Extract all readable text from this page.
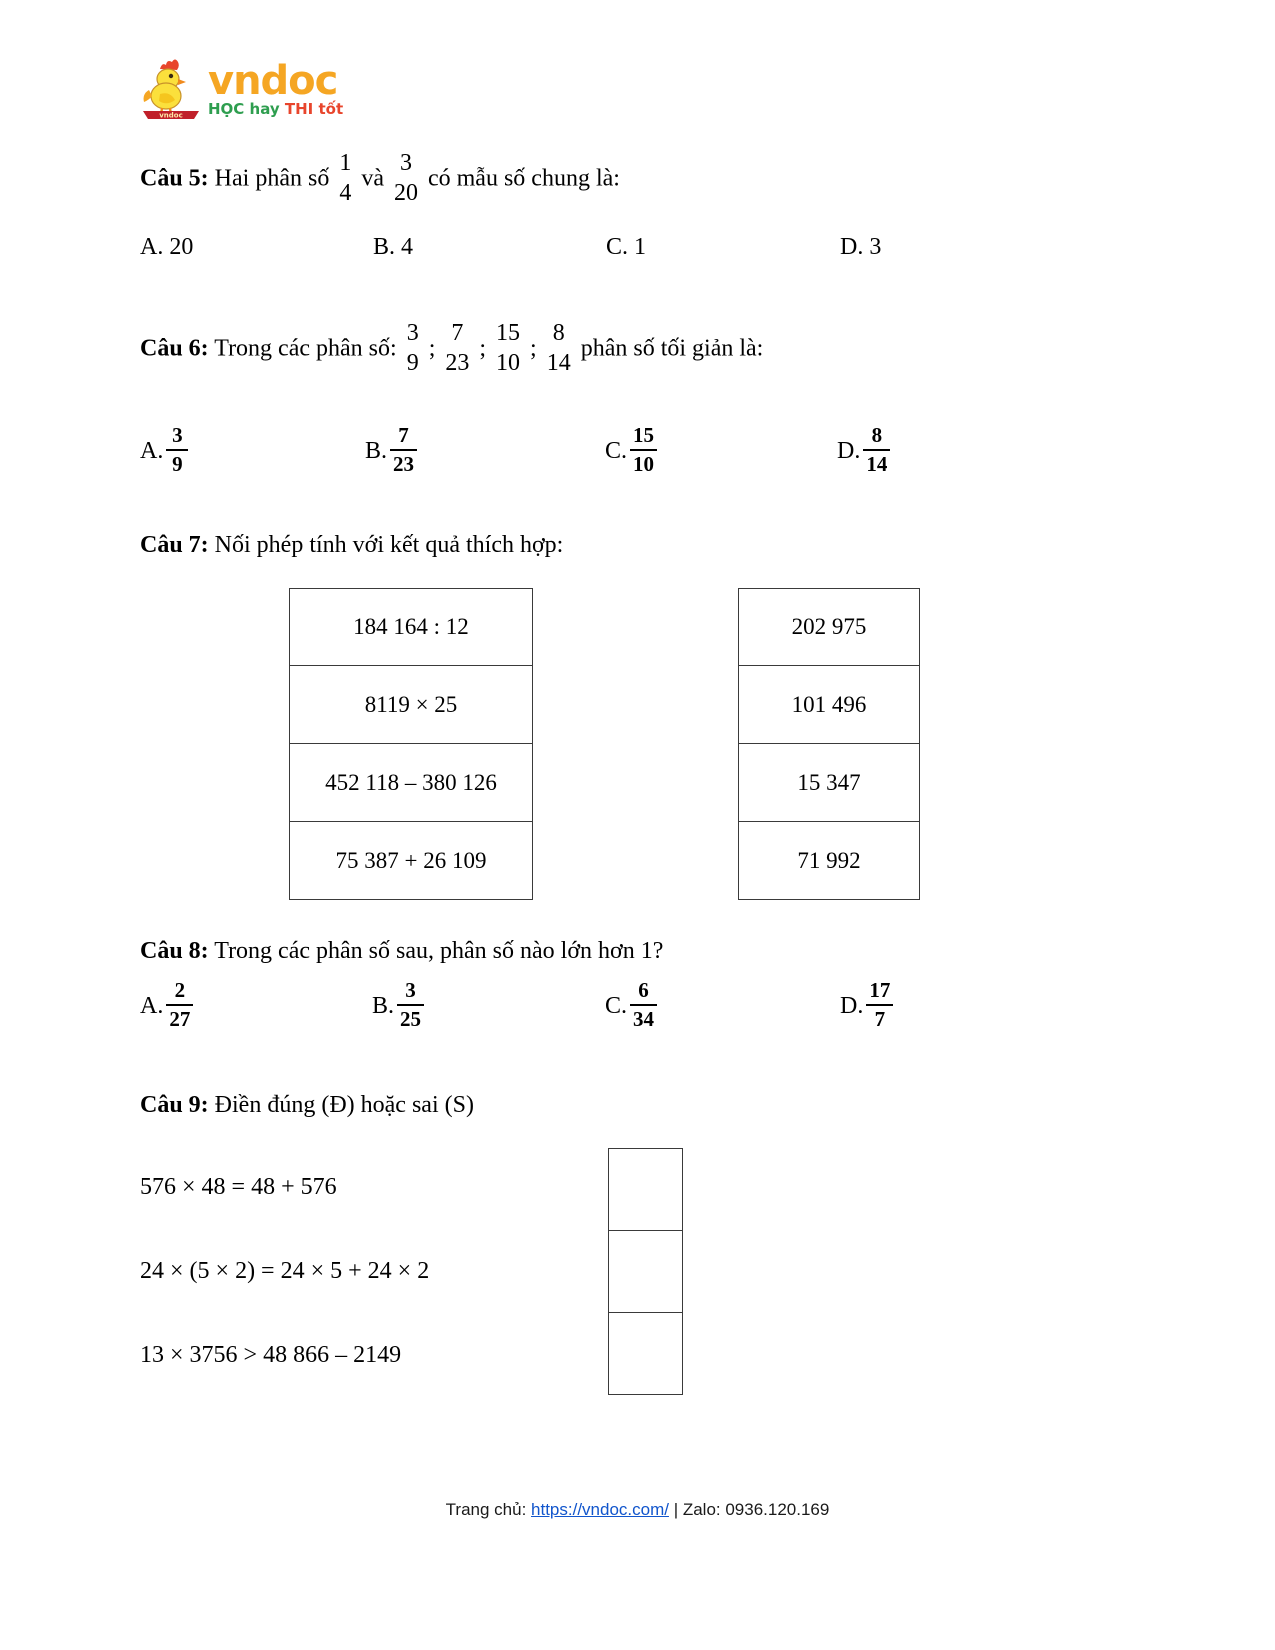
vndoc
vndoc
HỌC hay THI tốt
Câu 5: Hai phân số
1
4
và
3
20
có mẫu số chung là:
A. 20	B. 4	C. 1	D. 3
Câu 6: Trong các phân số:
3
9
;
7
23
;
15
10
;
8
14
phân số tối giản là:
A. $\frac{3}{9}$	B. $\frac{7}{23}$	C. $\frac{15}{10}$	D. $\frac{8}{14}$
Câu 7: Nối phép tính với kết quả thích hợp:
184 164 : 12
8119 × 25
452 118 – 380 126
75 387 + 26 109
202 975
101 496
15 347
71 992
Câu 8: Trong các phân số sau, phân số nào lớn hơn 1?
A. $\frac{2}{27}$	B. $\frac{3}{25}$	C. $\frac{6}{34}$	D. $\frac{17}{7}$
Câu 9: Điền đúng (Đ) hoặc sai (S)
576 × 48 = 48 + 576
24 × (5 × 2) = 24 × 5 + 24 × 2
13 × 3756 > 48 866 – 2149

Trang chủ: https://vndoc.com/ | Zalo: 0936.120.169
